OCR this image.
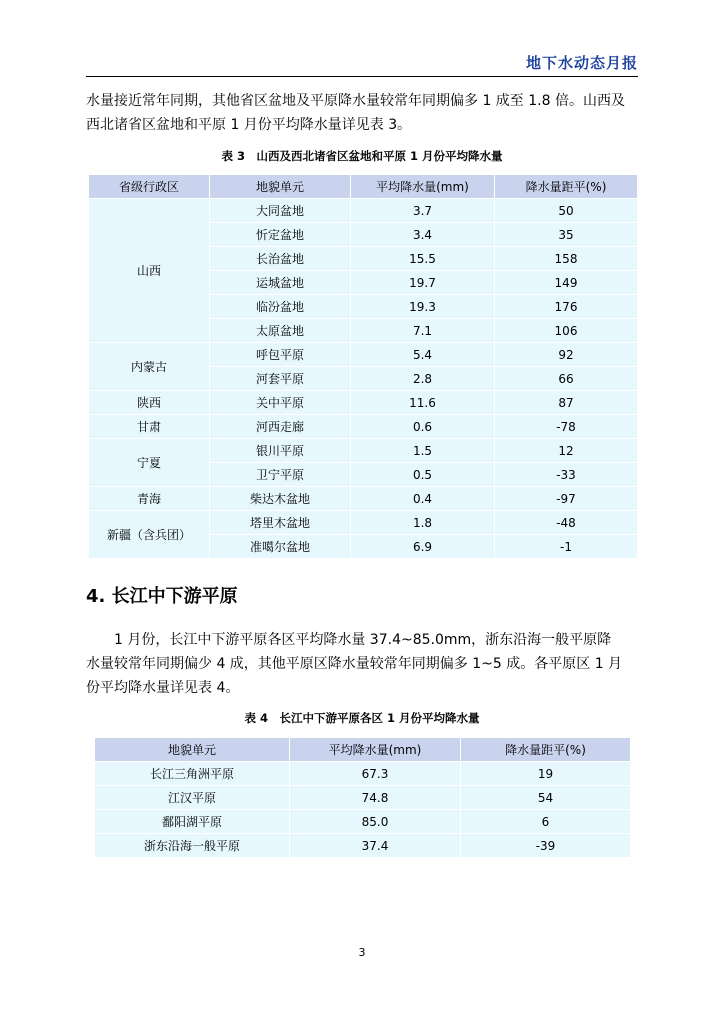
地下水动态月报

水量接近常年同期，其他省区盆地及平原降水量较常年同期偏多 1 成至 1.8 倍。山西及
西北诸省区盆地和平原 1 月份平均降水量详见表 3。

表 3　山西及西北诸省区盆地和平原 1 月份平均降水量
省级行政区	地貌单元	平均降水量(mm)	降水量距平(%)
山西	大同盆地	3.7	50
	忻定盆地	3.4	35
	长治盆地	15.5	158
	运城盆地	19.7	149
	临汾盆地	19.3	176
	太原盆地	7.1	106
内蒙古	呼包平原	5.4	92
	河套平原	2.8	66
陕西	关中平原	11.6	87
甘肃	河西走廊	0.6	-78
宁夏	银川平原	1.5	12
	卫宁平原	0.5	-33
青海	柴达木盆地	0.4	-97
新疆（含兵团）	塔里木盆地	1.8	-48
	准噶尔盆地	6.9	-1
4. 长江中下游平原

　　1 月份，长江中下游平原各区平均降水量 37.4~85.0mm，浙东沿海一般平原降
水量较常年同期偏少 4 成，其他平原区降水量较常年同期偏多 1~5 成。各平原区 1 月
份平均降水量详见表 4。

表 4　长江中下游平原各区 1 月份平均降水量
地貌单元	平均降水量(mm)	降水量距平(%)
长江三角洲平原	67.3	19
江汉平原	74.8	54
鄱阳湖平原	85.0	6
浙东沿海一般平原	37.4	-39
3
